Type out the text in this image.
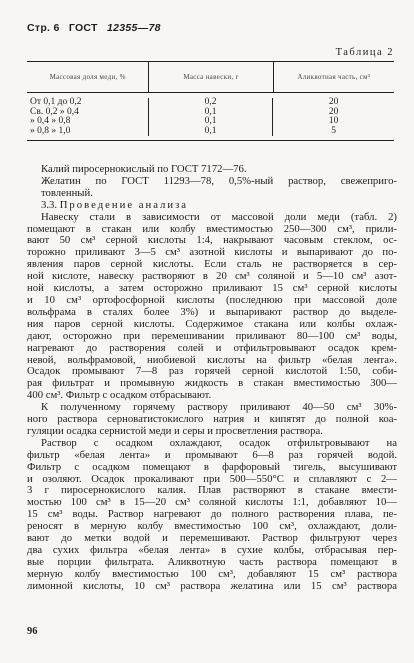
Стр. 6 ГОСТ 12355—78
Таблица 2
Массовая доля меди, %	Масса навески, г	Аликвотная часть, см³
От 0,1 до 0,2
Св. 0,2 » 0,4
» 0,4 » 0,8
» 0,8 » 1,0
0,2
0,1
0,1
0,1
20
20
10
5

Калий пиросернокислый по ГОСТ 7172—76.

Желатин по ГОСТ 11293—78, 0,5%-ный раствор, свежеприго-
товленный.

3.3. Проведение анализа

Навеску стали в зависимости от массовой доли меди (табл. 2)
помещают в стакан или колбу вместимостью 250—300 см³, прили-
вают 50 см³ серной кислоты 1:4, накрывают часовым стеклом, ос-
торожно приливают 3—5 см³ азотной кислоты и выпаривают до по-
явления паров серной кислоты. Если сталь не растворяется в сер-
ной кислоте, навеску растворяют в 20 см³ соляной и 5—10 см³ азот-
ной кислоты, а затем осторожно приливают 15 см³ серной кислоты
и 10 см³ ортофосфорной кислоты (последнюю при массовой доле
вольфрама в сталях более 3%) и выпаривают раствор до выделе-
ния паров серной кислоты. Содержимое стакана или колбы охлаж-
дают, осторожно при перемешивании приливают 80—100 см³ воды,
нагревают до растворения солей и отфильтровывают осадок крем-
невой, вольфрамовой, ниобиевой кислоты на фильтр «белая лента».
Осадок промывают 7—8 раз горячей серной кислотой 1:50, соби-
рая фильтрат и промывную жидкость в стакан вместимостью 300—
400 см³. Фильтр с осадком отбрасывают.

К полученному горячему раствору приливают 40—50 см³ 30%-
ного раствора серноватистокислого натрия и кипятят до полной коа-
гуляции осадка сернистой меди и серы и просветления раствора.

Раствор с осадком охлаждают, осадок отфильтровывают на
фильтр «белая лента» и промывают 6—8 раз горячей водой.
Фильтр с осадком помещают в фарфоровый тигель, высушивают
и озоляют. Осадок прокаливают при 500—550°С и сплавляют с 2—
3 г пиросернокислого калия. Плав растворяют в стакане вмести-
мостью 100 см³ в 15—20 см³ соляной кислоты 1:1, добавляют 10—
15 см³ воды. Раствор нагревают до полного растворения плава, пе-
реносят в мерную колбу вместимостью 100 см³, охлаждают, доли-
вают до метки водой и перемешивают. Раствор фильтруют через
два сухих фильтра «белая лента» в сухие колбы, отбрасывая пер-
вые порции фильтрата. Аликвотную часть раствора помещают в
мерную колбу вместимостью 100 см³, добавляют 15 см³ раствора
лимонной кислоты, 10 см³ раствора желатина или 15 см³ раствора

96
